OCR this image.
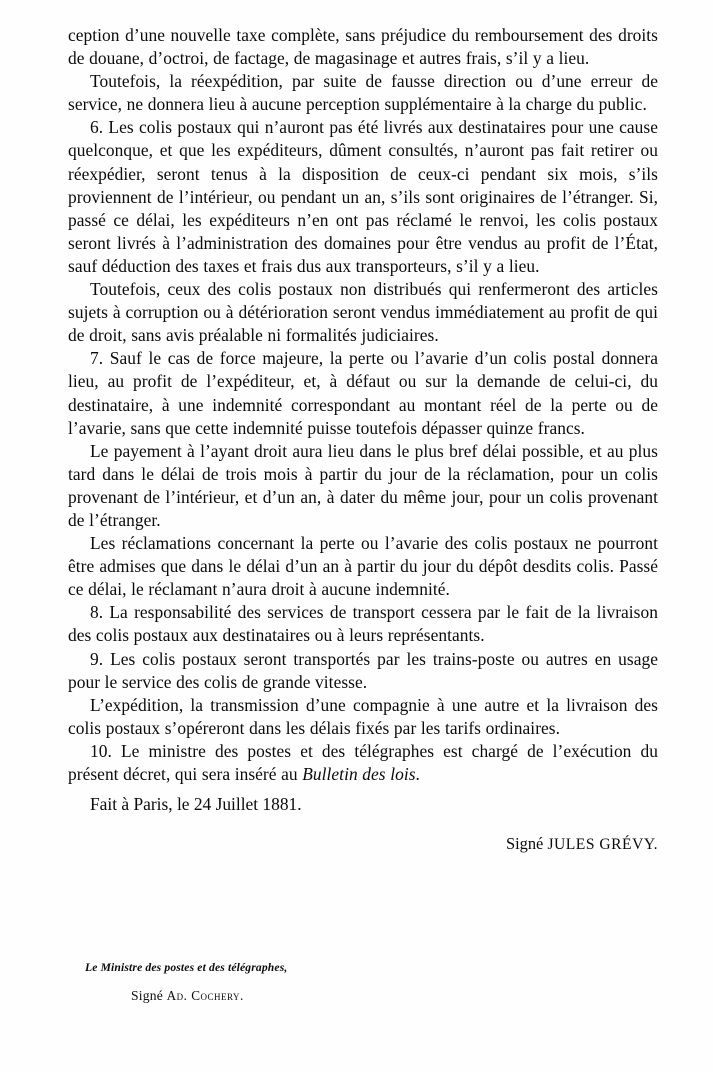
ception d’une nouvelle taxe complète, sans préjudice du remboursement des droits de douane, d’octroi, de factage, de magasinage et autres frais, s’il y a lieu.

Toutefois, la réexpédition, par suite de fausse direction ou d’une erreur de service, ne donnera lieu à aucune perception supplémentaire à la charge du public.

6. Les colis postaux qui n’auront pas été livrés aux destinataires pour une cause quelconque, et que les expéditeurs, dûment consultés, n’auront pas fait retirer ou réexpédier, seront tenus à la disposition de ceux-ci pendant six mois, s’ils proviennent de l’intérieur, ou pendant un an, s’ils sont originaires de l’étranger. Si, passé ce délai, les expéditeurs n’en ont pas réclamé le renvoi, les colis postaux seront livrés à l’administration des domaines pour être vendus au profit de l’État, sauf déduction des taxes et frais dus aux transporteurs, s’il y a lieu.

Toutefois, ceux des colis postaux non distribués qui renfermeront des articles sujets à corruption ou à détérioration seront vendus immédiatement au profit de qui de droit, sans avis préalable ni formalités judiciaires.

7. Sauf le cas de force majeure, la perte ou l’avarie d’un colis postal donnera lieu, au profit de l’expéditeur, et, à défaut ou sur la demande de celui-ci, du destinataire, à une indemnité correspondant au montant réel de la perte ou de l’avarie, sans que cette indemnité puisse toutefois dépasser quinze francs.

Le payement à l’ayant droit aura lieu dans le plus bref délai possible, et au plus tard dans le délai de trois mois à partir du jour de la réclamation, pour un colis provenant de l’intérieur, et d’un an, à dater du même jour, pour un colis provenant de l’étranger.

Les réclamations concernant la perte ou l’avarie des colis postaux ne pourront être admises que dans le délai d’un an à partir du jour du dépôt desdits colis. Passé ce délai, le réclamant n’aura droit à aucune indemnité.

8. La responsabilité des services de transport cessera par le fait de la livraison des colis postaux aux destinataires ou à leurs représentants.

9. Les colis postaux seront transportés par les trains-poste ou autres en usage pour le service des colis de grande vitesse.

L’expédition, la transmission d’une compagnie à une autre et la livraison des colis postaux s’opéreront dans les délais fixés par les tarifs ordinaires.

10. Le ministre des postes et des télégraphes est chargé de l’exécution du présent décret, qui sera inséré au Bulletin des lois.

Fait à Paris, le 24 Juillet 1881.

Signé JULES GRÉVY.

Le Ministre des postes et des télégraphes,

Signé Ad. Cochery.
